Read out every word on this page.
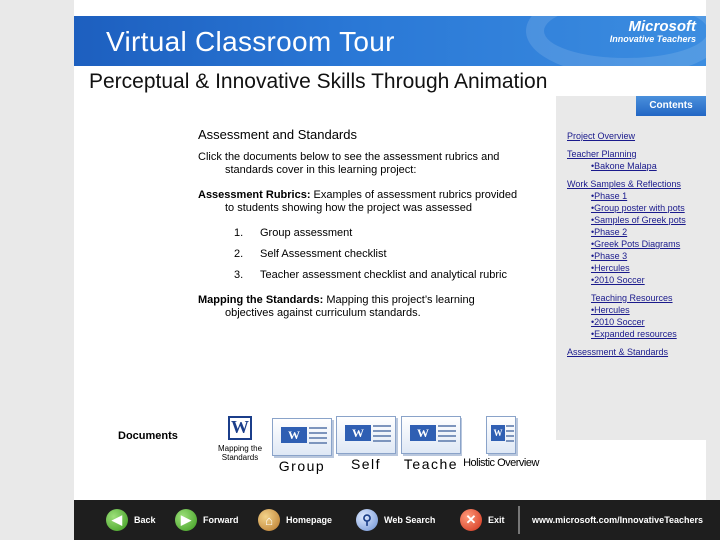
Virtual Classroom Tour	Microsoft
Innovative Teachers
Perceptual & Innovative Skills Through Animation
Assessment and Standards
Click the documents below to see the assessment rubrics and
standards cover in this learning project:
Assessment Rubrics: Examples of assessment rubrics provided
to students showing how the project was assessed
1.	Group assessment
2.	Self Assessment checklist
3.	Teacher assessment checklist and analytical rubric
Mapping the Standards: Mapping this project’s learning
objectives against curriculum standards.
Contents
Project Overview
Teacher Planning
•Bakone Malapa
Work Samples & Reflections
•Phase 1
•Group poster with pots
•Samples of Greek pots
•Phase 2
•Greek Pots Diagrams
•Phase 3
•Hercules
•2010 Soccer
Teaching Resources
•Hercules
•2010 Soccer
•Expanded resources
Assessment & Standards
Documents	W
Mapping the
Standards
W
Group
W
Self
W
Teache
W
Holistic Overview
◀	Back	▶	Forward	⌂	Homepage	⚲	Web Search	✕	Exit	www.microsoft.com/InnovativeTeachers
